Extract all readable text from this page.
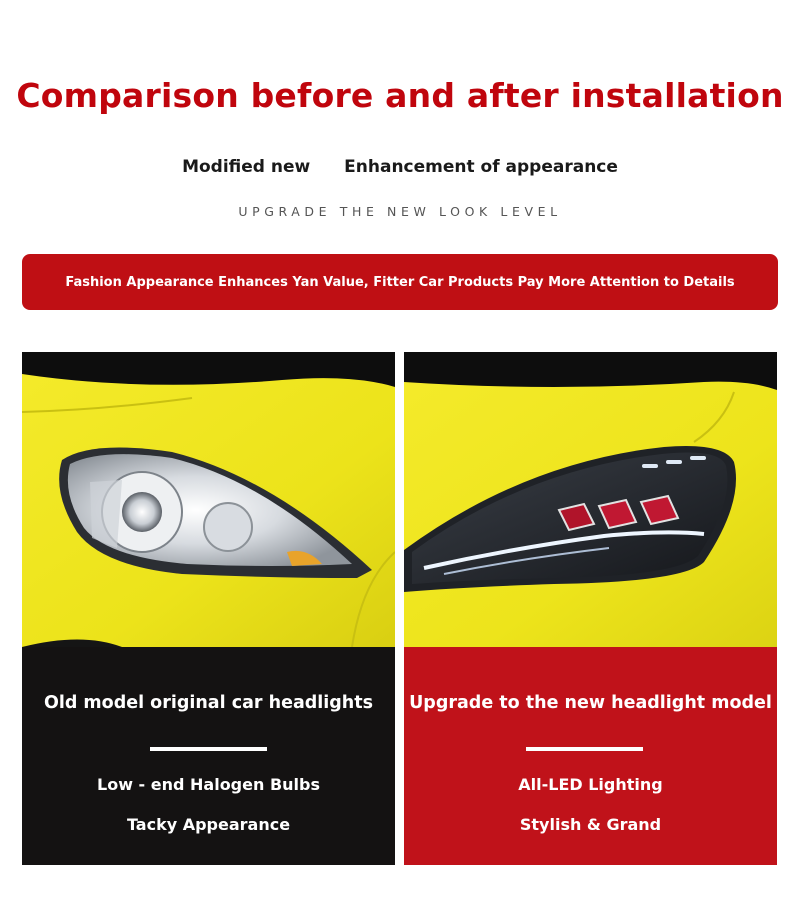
Comparison before and after installation
Modified new Enhancement of appearance
UPGRADE THE NEW LOOK LEVEL
Fashion Appearance Enhances Yan Value, Fitter Car Products Pay More Attention to Details
Old model original car headlights
Low - end Halogen Bulbs
Tacky Appearance
Upgrade to the new headlight model
All-LED Lighting
Stylish & Grand
